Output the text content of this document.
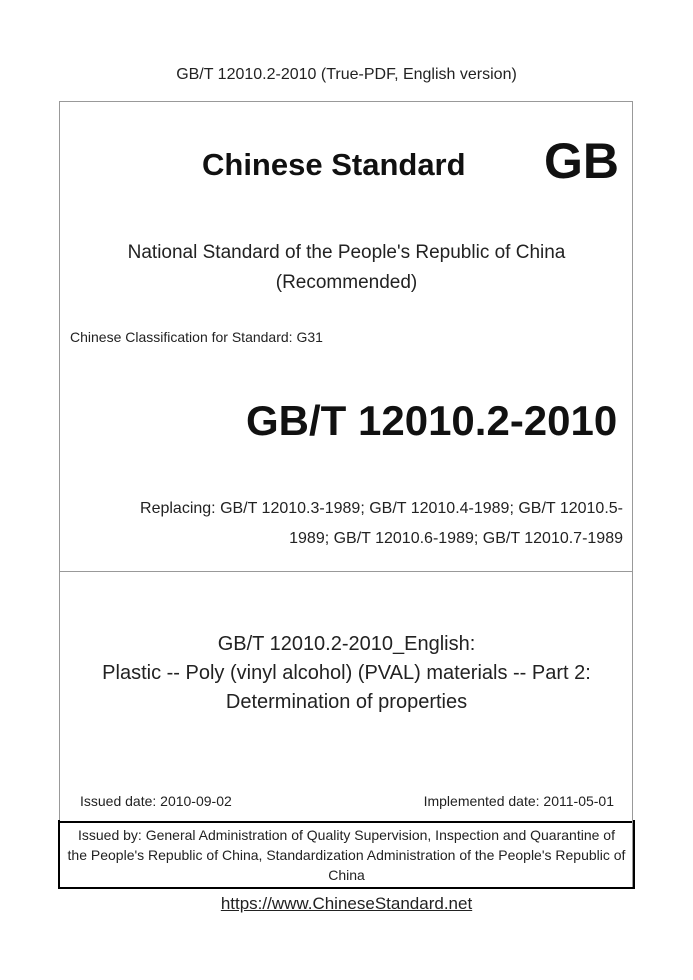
GB/T 12010.2-2010 (True-PDF, English version)
Chinese Standard GB
National Standard of the People's Republic of China
(Recommended)
Chinese Classification for Standard: G31
GB/T 12010.2-2010
Replacing: GB/T 12010.3-1989; GB/T 12010.4-1989; GB/T 12010.5-
1989; GB/T 12010.6-1989; GB/T 12010.7-1989
GB/T 12010.2-2010_English:
Plastic -- Poly (vinyl alcohol) (PVAL) materials -- Part 2:
Determination of properties
Issued date: 2010-09-02	Implemented date: 2011-05-01
Issued by: General Administration of Quality Supervision, Inspection and Quarantine of
the People's Republic of China, Standardization Administration of the People's Republic of
China
https://www.ChineseStandard.net
